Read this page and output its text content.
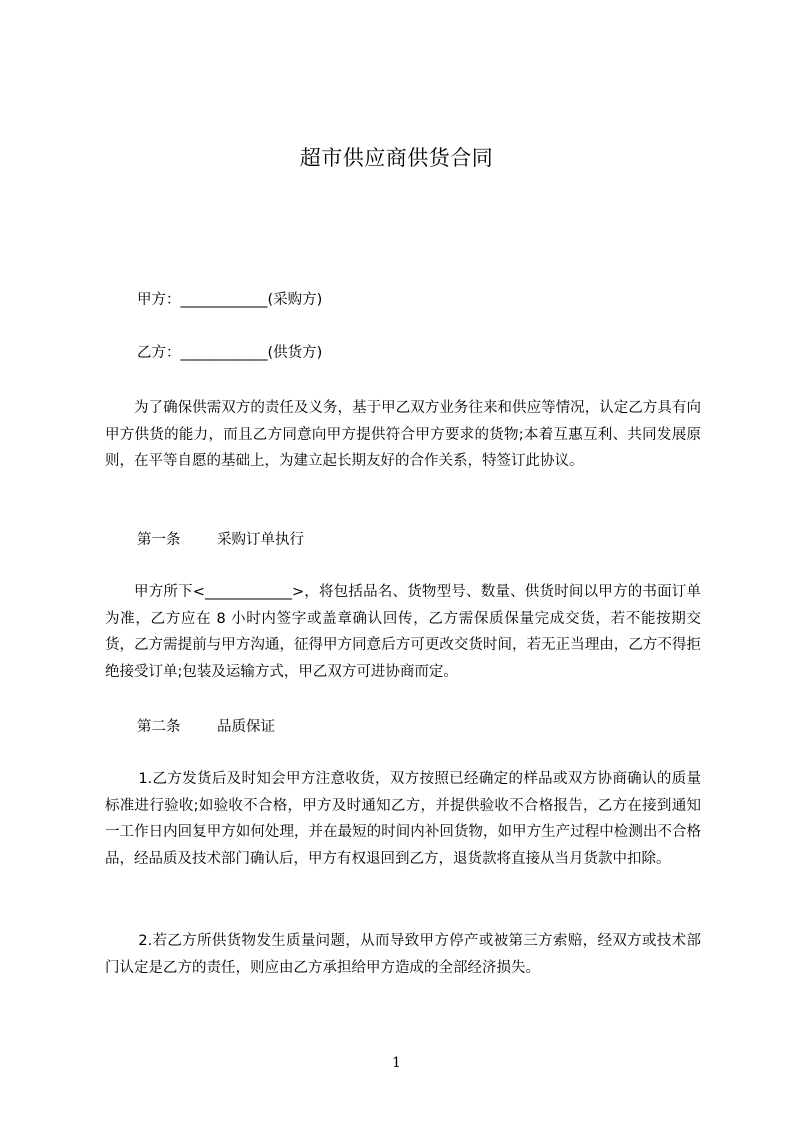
超市供应商供货合同
甲方：____________(采购方)
乙方：____________(供货方)
为了确保供需双方的责任及义务，基于甲乙双方业务往来和供应等情况，认定乙方具有向甲方供货的能力，而且乙方同意向甲方提供符合甲方要求的货物;本着互惠互利、共同发展原则，在平等自愿的基础上，为建立起长期友好的合作关系，特签订此协议。
第一条	采购订单执行
甲方所下<____________>，将包括品名、货物型号、数量、供货时间以甲方的书面订单为准，乙方应在 8 小时内签字或盖章确认回传，乙方需保质保量完成交货，若不能按期交货，乙方需提前与甲方沟通，征得甲方同意后方可更改交货时间，若无正当理由，乙方不得拒绝接受订单;包装及运输方式，甲乙双方可进协商而定。
第二条	品质保证
1.乙方发货后及时知会甲方注意收货，双方按照已经确定的样品或双方协商确认的质量标准进行验收;如验收不合格，甲方及时通知乙方，并提供验收不合格报告，乙方在接到通知一工作日内回复甲方如何处理，并在最短的时间内补回货物，如甲方生产过程中检测出不合格品，经品质及技术部门确认后，甲方有权退回到乙方，退货款将直接从当月货款中扣除。
2.若乙方所供货物发生质量问题，从而导致甲方停产或被第三方索赔，经双方或技术部门认定是乙方的责任，则应由乙方承担给甲方造成的全部经济损失。
1
